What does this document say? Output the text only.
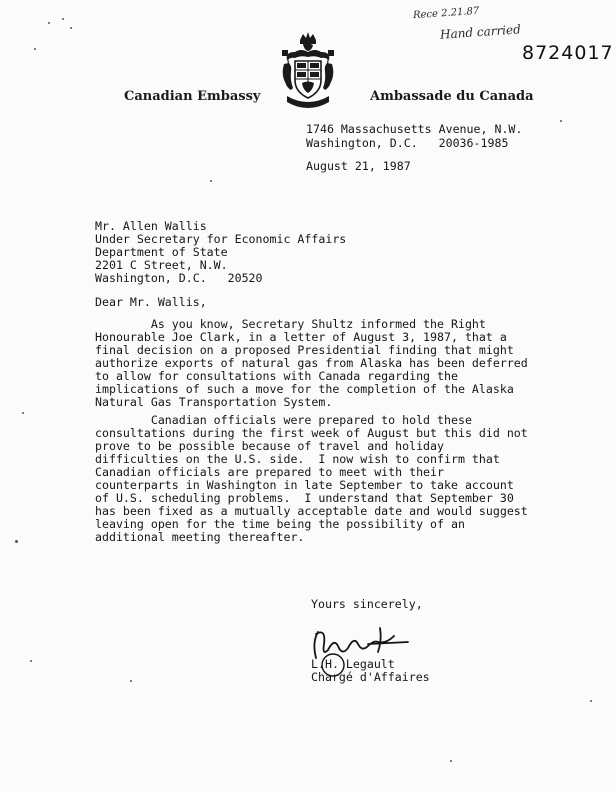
Rece 2.21.87
Hand carried
8724017
Canadian Embassy	Ambassade du Canada
1746 Massachusetts Avenue, N.W.
Washington, D.C.   20036-1985
August 21, 1987
Mr. Allen Wallis
Under Secretary for Economic Affairs
Department of State
2201 C Street, N.W.
Washington, D.C.   20520
Dear Mr. Wallis,
As you know, Secretary Shultz informed the Right
Honourable Joe Clark, in a letter of August 3, 1987, that a
final decision on a proposed Presidential finding that might
authorize exports of natural gas from Alaska has been deferred
to allow for consultations with Canada regarding the
implications of such a move for the completion of the Alaska
Natural Gas Transportation System.
Canadian officials were prepared to hold these
consultations during the first week of August but this did not
prove to be possible because of travel and holiday
difficulties on the U.S. side.  I now wish to confirm that
Canadian officials are prepared to meet with their
counterparts in Washington in late September to take account
of U.S. scheduling problems.  I understand that September 30
has been fixed as a mutually acceptable date and would suggest
leaving open for the time being the possibility of an
additional meeting thereafter.
Yours sincerely,
L.H. Legault
Chargé d'Affaires
